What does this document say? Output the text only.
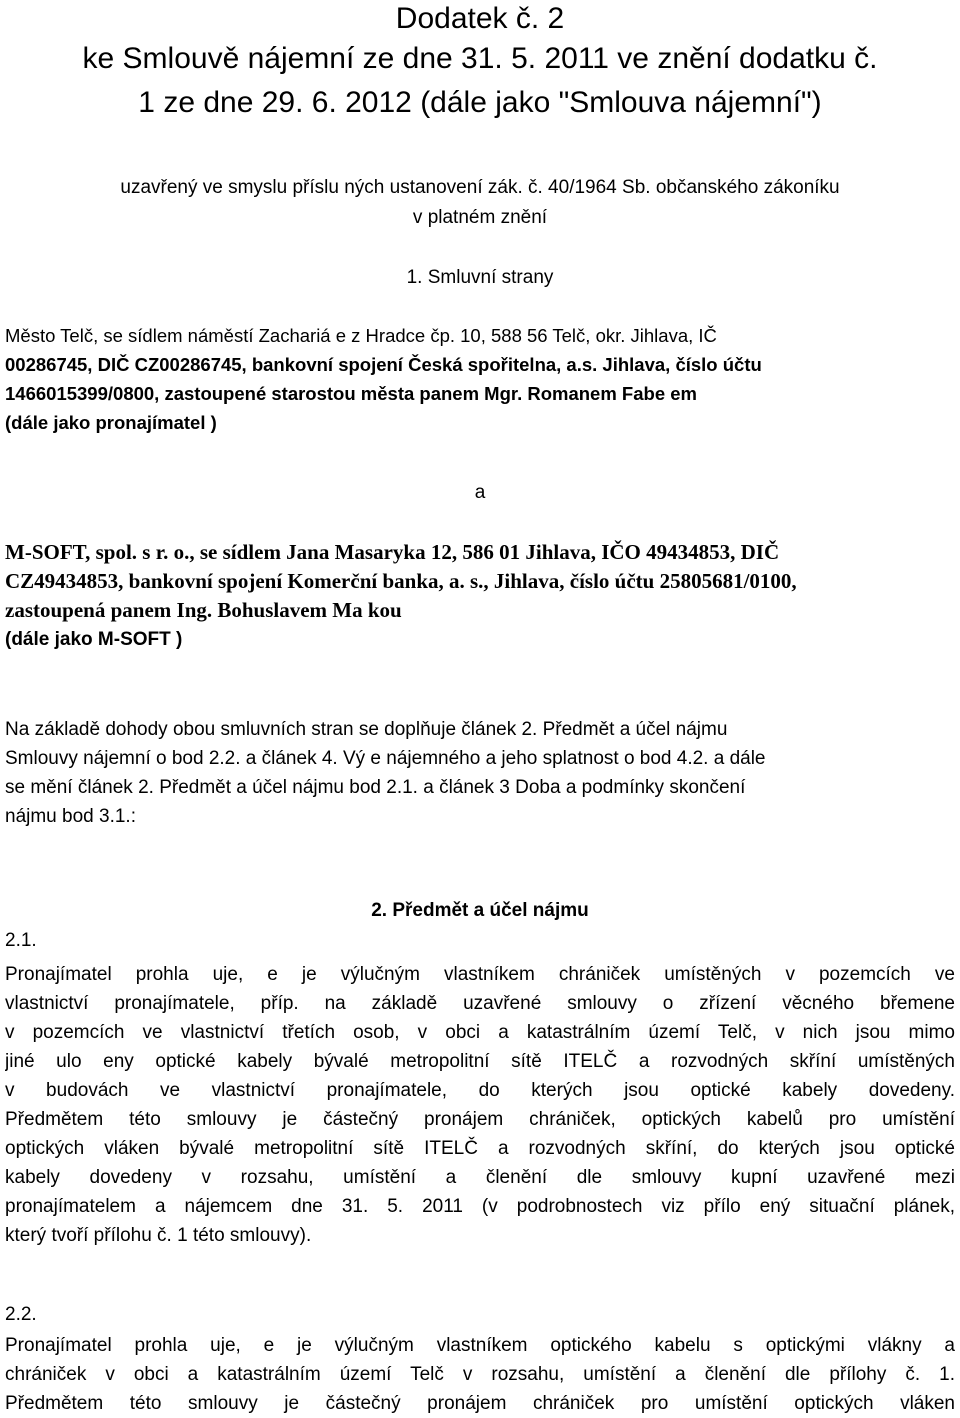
Dodatek č. 2
ke Smlouvě nájemní ze dne 31. 5. 2011 ve znění dodatku č.
1 ze dne 29. 6. 2012 (dále jako "Smlouva nájemní")
uzavřený ve smyslu příslu ných ustanovení zák. č. 40/1964 Sb. občanského zákoníku
v platném znění
1. Smluvní strany
Město Telč, se sídlem náměstí Zachariá e z Hradce čp. 10, 588 56 Telč, okr. Jihlava, IČ
00286745, DIČ CZ00286745, bankovní spojení Česká spořitelna, a.s. Jihlava, číslo účtu
1466015399/0800, zastoupené starostou města panem Mgr. Romanem Fabe em
(dále jako pronajímatel )
a
M-SOFT, spol. s r. o., se sídlem Jana Masaryka 12, 586 01 Jihlava, IČO 49434853, DIČ
CZ49434853, bankovní spojení Komerční banka, a. s., Jihlava, číslo účtu 25805681/0100,
zastoupená panem Ing. Bohuslavem Ma kou
(dále jako M-SOFT )
Na základě dohody obou smluvních stran se doplňuje článek 2. Předmět a účel nájmu
Smlouvy nájemní o bod 2.2. a článek 4. Vý e nájemného a jeho splatnost o bod 4.2. a dále
se mění článek 2. Předmět a účel nájmu bod 2.1. a článek 3 Doba a podmínky skončení
nájmu bod 3.1.:
2. Předmět a účel nájmu
2.1.
Pronajímatel prohla uje, e je výlučným vlastníkem chrániček umístěných v pozemcích ve
vlastnictví pronajímatele, příp. na základě uzavřené smlouvy o zřízení věcného břemene
v pozemcích ve vlastnictví třetích osob, v obci a katastrálním území Telč, v nich jsou mimo
jiné ulo eny optické kabely bývalé metropolitní sítě ITELČ a rozvodných skříní umístěných
v budovách ve vlastnictví pronajímatele, do kterých jsou optické kabely dovedeny.
Předmětem této smlouvy je částečný pronájem chrániček, optických kabelů pro umístění
optických vláken bývalé metropolitní sítě ITELČ a rozvodných skříní, do kterých jsou optické
kabely dovedeny v rozsahu, umístění a členění dle smlouvy kupní uzavřené mezi
pronajímatelem a nájemcem dne 31. 5. 2011 (v podrobnostech viz přílo ený situační plánek,
který tvoří přílohu č. 1 této smlouvy).
2.2.
Pronajímatel prohla uje, e je výlučným vlastníkem optického kabelu s optickými vlákny a
chrániček v obci a katastrálním území Telč v rozsahu, umístění a členění dle přílohy č. 1.
Předmětem této smlouvy je částečný pronájem chrániček pro umístění optických vláken
